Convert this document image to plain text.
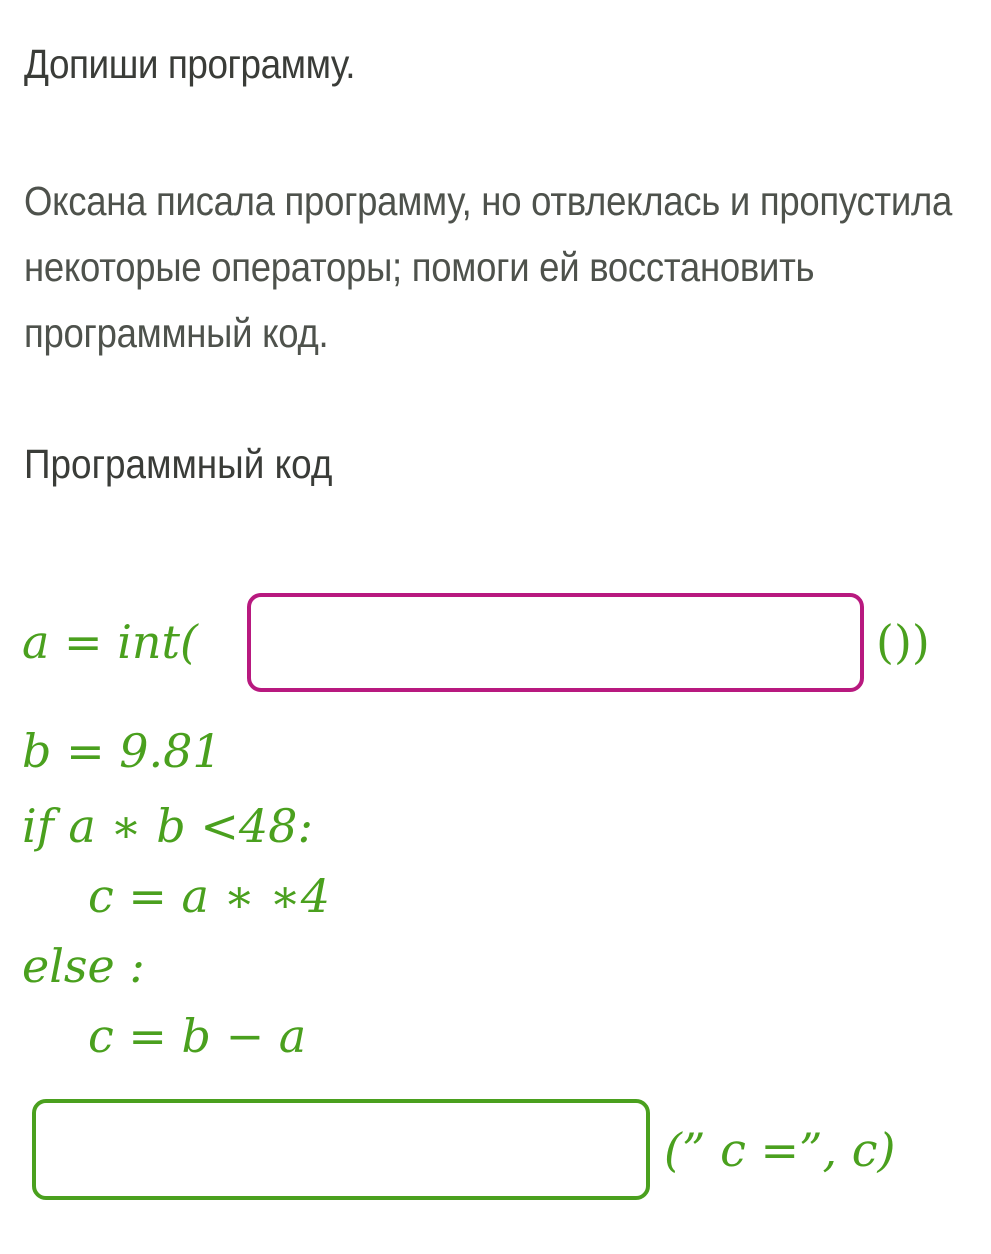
Допиши программу.
Оксана писала программу, но отвлеклась и пропустила некоторые операторы; помоги ей восстановить программный код.
Программный код
a = int(	())
b = 9.81
if a ∗ b <48:
c = a ∗ ∗4
else :
c = b − a
(” c =”, c)
